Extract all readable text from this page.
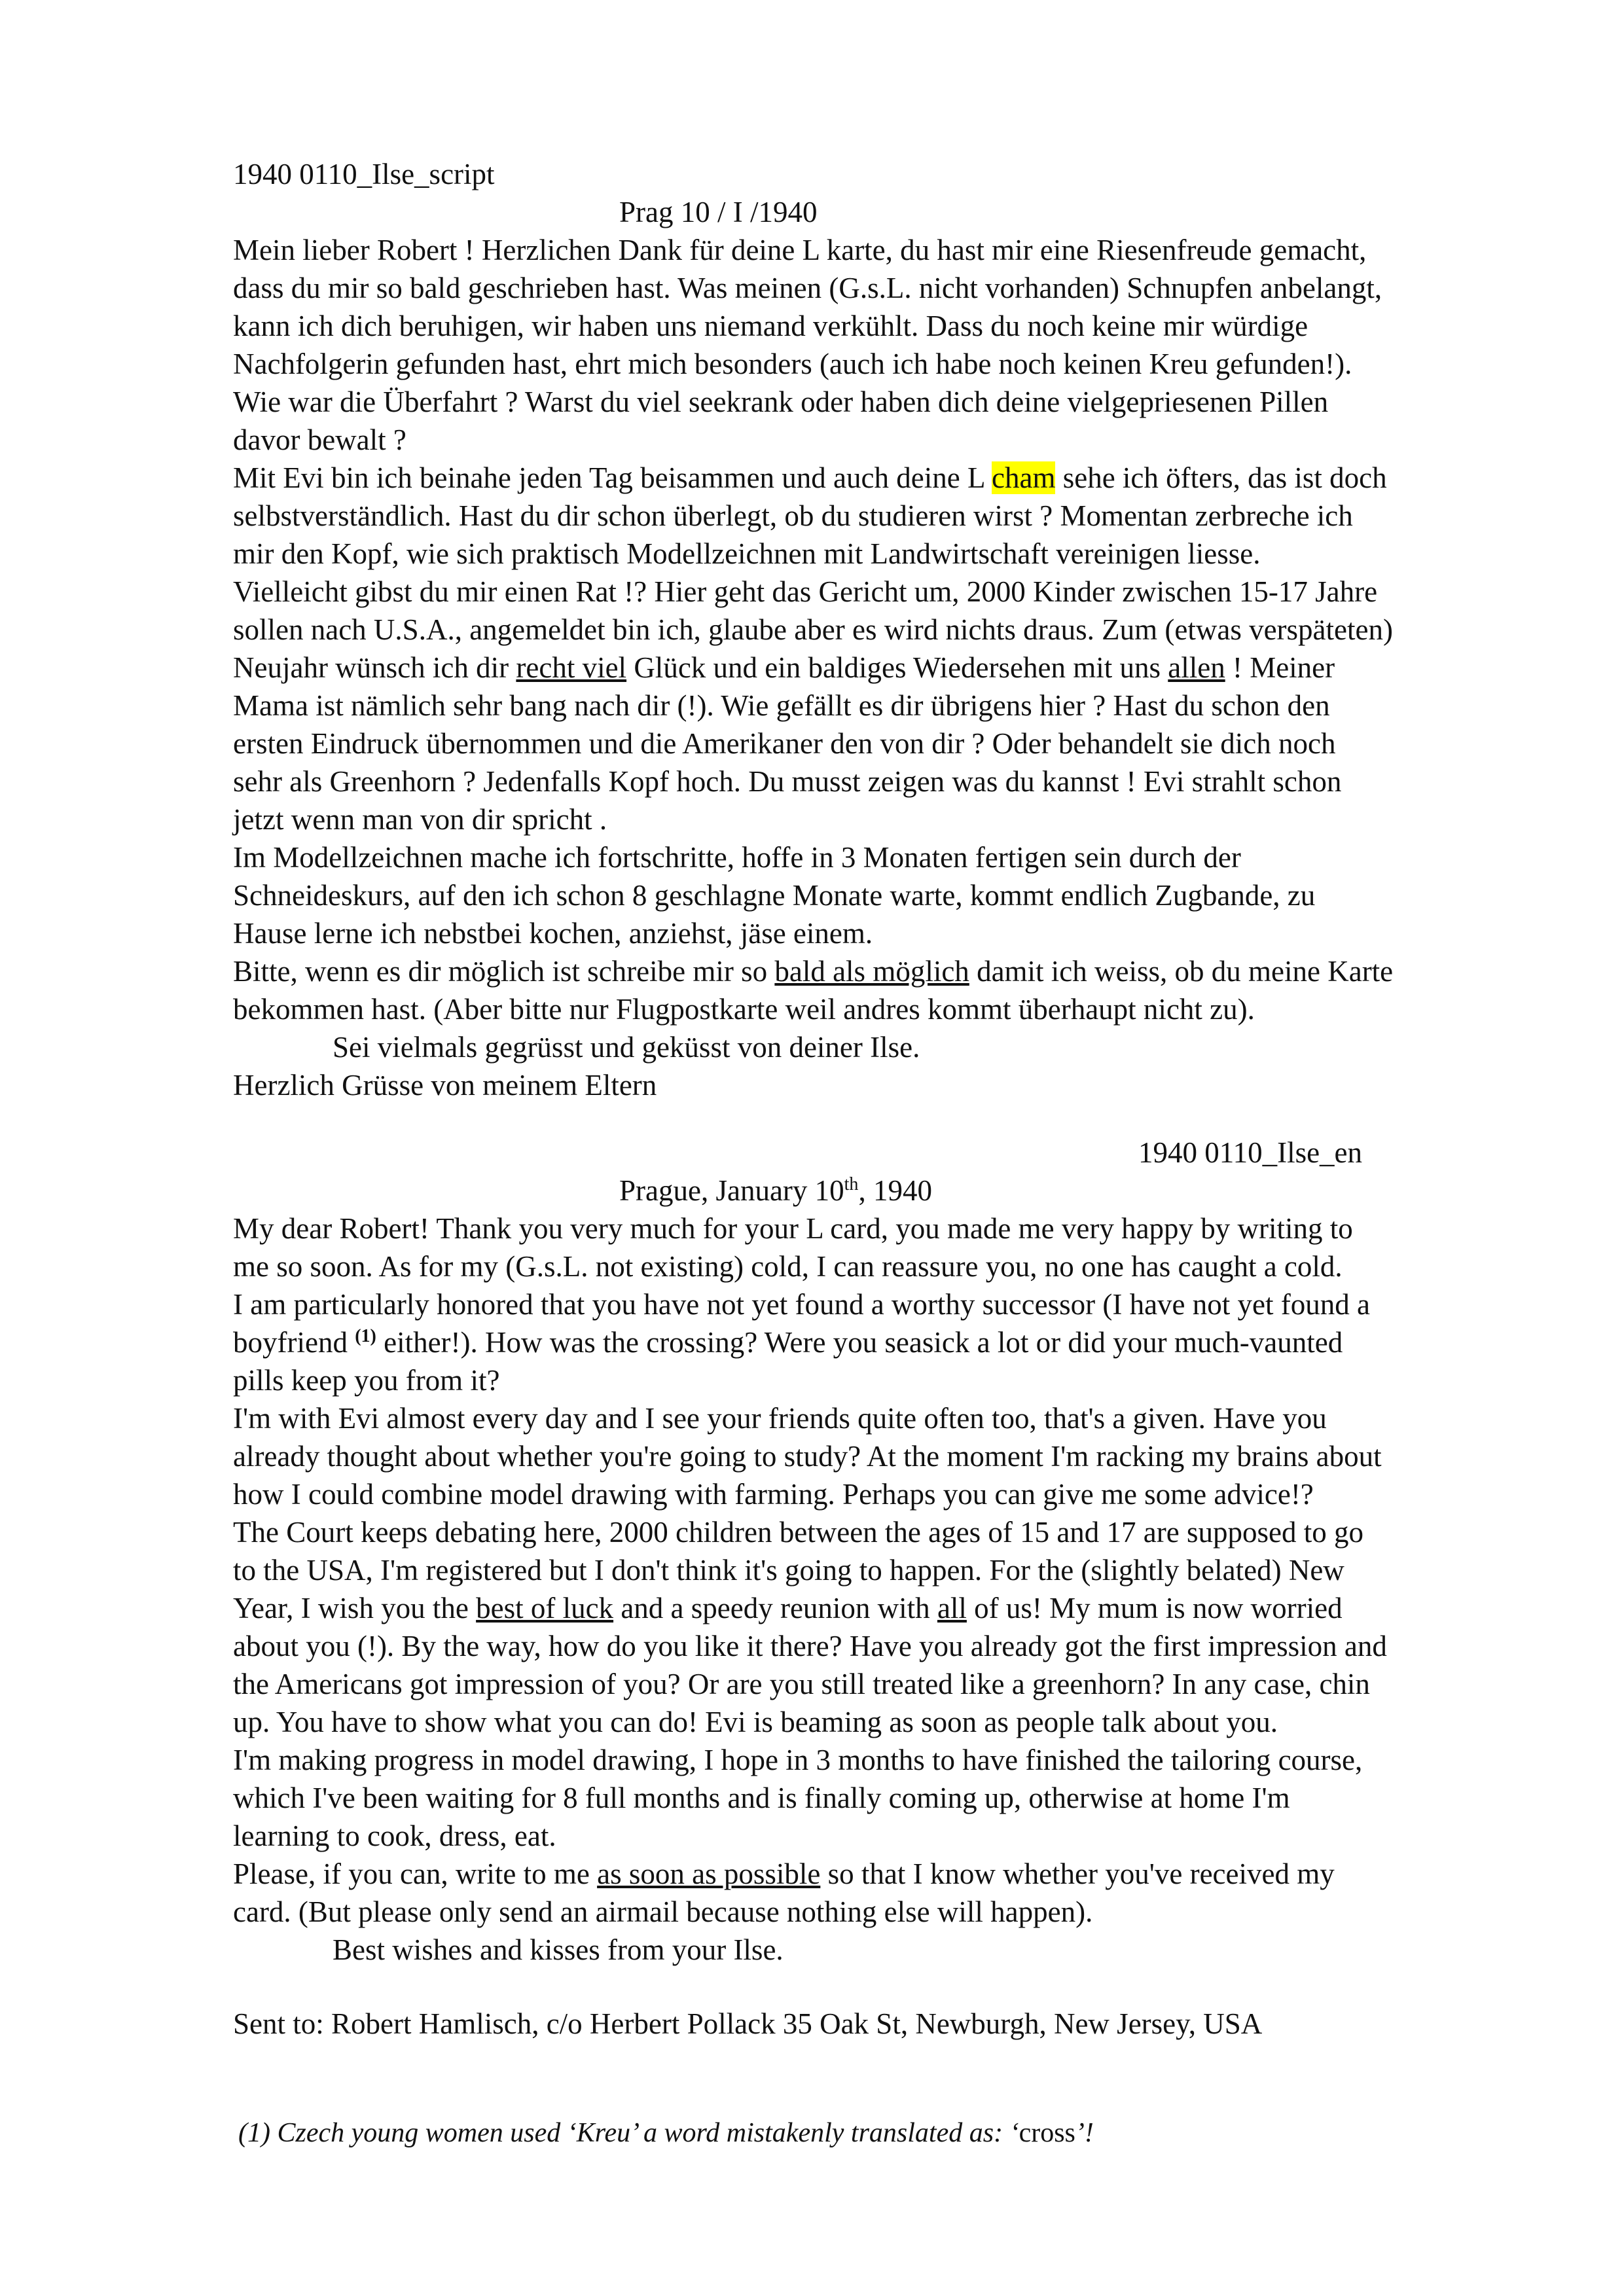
1940 0110_Ilse_script
Prag 10 / I /1940
Mein lieber Robert ! Herzlichen Dank für deine L karte, du hast mir eine Riesenfreude gemacht,
dass du mir so bald geschrieben hast. Was meinen (G.s.L. nicht vorhanden) Schnupfen anbelangt,
kann ich dich beruhigen, wir haben uns niemand verkühlt. Dass du noch keine mir würdige
Nachfolgerin gefunden hast, ehrt mich besonders (auch ich habe noch keinen Kreu gefunden!).
Wie war die Überfahrt ? Warst du viel seekrank oder haben dich deine vielgepriesenen Pillen
davor bewalt ?
Mit Evi bin ich beinahe jeden Tag beisammen und auch deine L cham sehe ich öfters, das ist doch
selbstverständlich. Hast du dir schon überlegt, ob du studieren wirst ? Momentan zerbreche ich
mir den Kopf, wie sich praktisch Modellzeichnen mit Landwirtschaft vereinigen liesse.
Vielleicht gibst du mir einen Rat !? Hier geht das Gericht um, 2000 Kinder zwischen 15-17 Jahre
sollen nach U.S.A., angemeldet bin ich, glaube aber es wird nichts draus. Zum (etwas verspäteten)
Neujahr wünsch ich dir recht viel Glück und ein baldiges Wiedersehen mit uns allen ! Meiner
Mama ist nämlich sehr bang nach dir (!). Wie gefällt es dir übrigens hier ? Hast du schon den
ersten Eindruck übernommen und die Amerikaner den von dir ? Oder behandelt sie dich noch
sehr als Greenhorn ? Jedenfalls Kopf hoch. Du musst zeigen was du kannst ! Evi strahlt schon
jetzt wenn man von dir spricht .
Im Modellzeichnen mache ich fortschritte, hoffe in 3 Monaten fertigen sein durch der
Schneideskurs, auf den ich schon 8 geschlagne Monate warte, kommt endlich Zugbande, zu
Hause lerne ich nebstbei kochen, anziehst, jäse einem.
Bitte, wenn es dir möglich ist schreibe mir so bald als möglich damit ich weiss, ob du meine Karte
bekommen hast. (Aber bitte nur Flugpostkarte weil andres kommt überhaupt nicht zu).
Sei vielmals gegrüsst und geküsst von deiner Ilse.
Herzlich Grüsse von meinem Eltern
1940 0110_Ilse_en
Prague, January 10th, 1940
My dear Robert! Thank you very much for your L card, you made me very happy by writing to
me so soon. As for my (G.s.L. not existing) cold, I can reassure you, no one has caught a cold.
I am particularly honored that you have not yet found a worthy successor (I have not yet found a
boyfriend $^{(1)}$ either!). How was the crossing? Were you seasick a lot or did your much-vaunted
pills keep you from it?
I'm with Evi almost every day and I see your friends quite often too, that's a given. Have you
already thought about whether you're going to study? At the moment I'm racking my brains about
how I could combine model drawing with farming. Perhaps you can give me some advice!?
The Court keeps debating here, 2000 children between the ages of 15 and 17 are supposed to go
to the USA, I'm registered but I don't think it's going to happen. For the (slightly belated) New
Year, I wish you the best of luck and a speedy reunion with all of us! My mum is now worried
about you (!). By the way, how do you like it there? Have you already got the first impression and
the Americans got impression of you? Or are you still treated like a greenhorn? In any case, chin
up. You have to show what you can do! Evi is beaming as soon as people talk about you.
I'm making progress in model drawing, I hope in 3 months to have finished the tailoring course,
which I've been waiting for 8 full months and is finally coming up, otherwise at home I'm
learning to cook, dress, eat.
Please, if you can, write to me as soon as possible so that I know whether you've received my
card. (But please only send an airmail because nothing else will happen).
Best wishes and kisses from your Ilse.
Sent to: Robert Hamlisch, c/o Herbert Pollack 35 Oak St, Newburgh, New Jersey, USA
(1) Czech young women used ‘Kreu’ a word mistakenly translated as: ‘cross’!
